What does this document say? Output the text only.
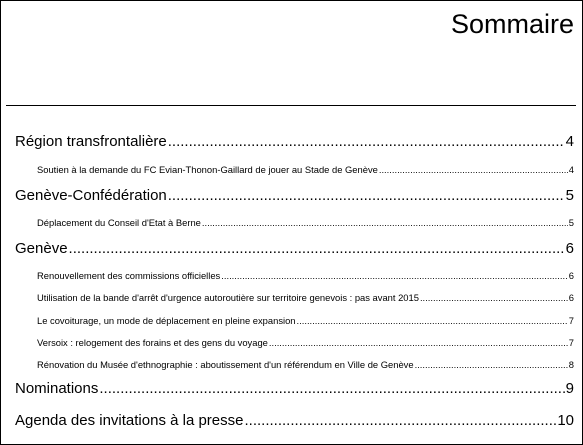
Sommaire
Région transfrontalière .....	4
Soutien à la demande du FC Evian-Thonon-Gaillard de jouer au Stade de Genève .....	4
Genève-Confédération .....	5
Déplacement du Conseil d'Etat à Berne .....	5
Genève .....	6
Renouvellement des commissions officielles .....	6
Utilisation de la bande d'arrêt d'urgence autoroutière sur territoire genevois : pas avant 2015 .....	6
Le covoiturage, un mode de déplacement en pleine expansion .....	7
Versoix : relogement des forains et des gens du voyage .....	7
Rénovation du Musée d'ethnographie : aboutissement d'un référendum en Ville de Genève .....	8
Nominations .....	9
Agenda des invitations à la presse .....	10
